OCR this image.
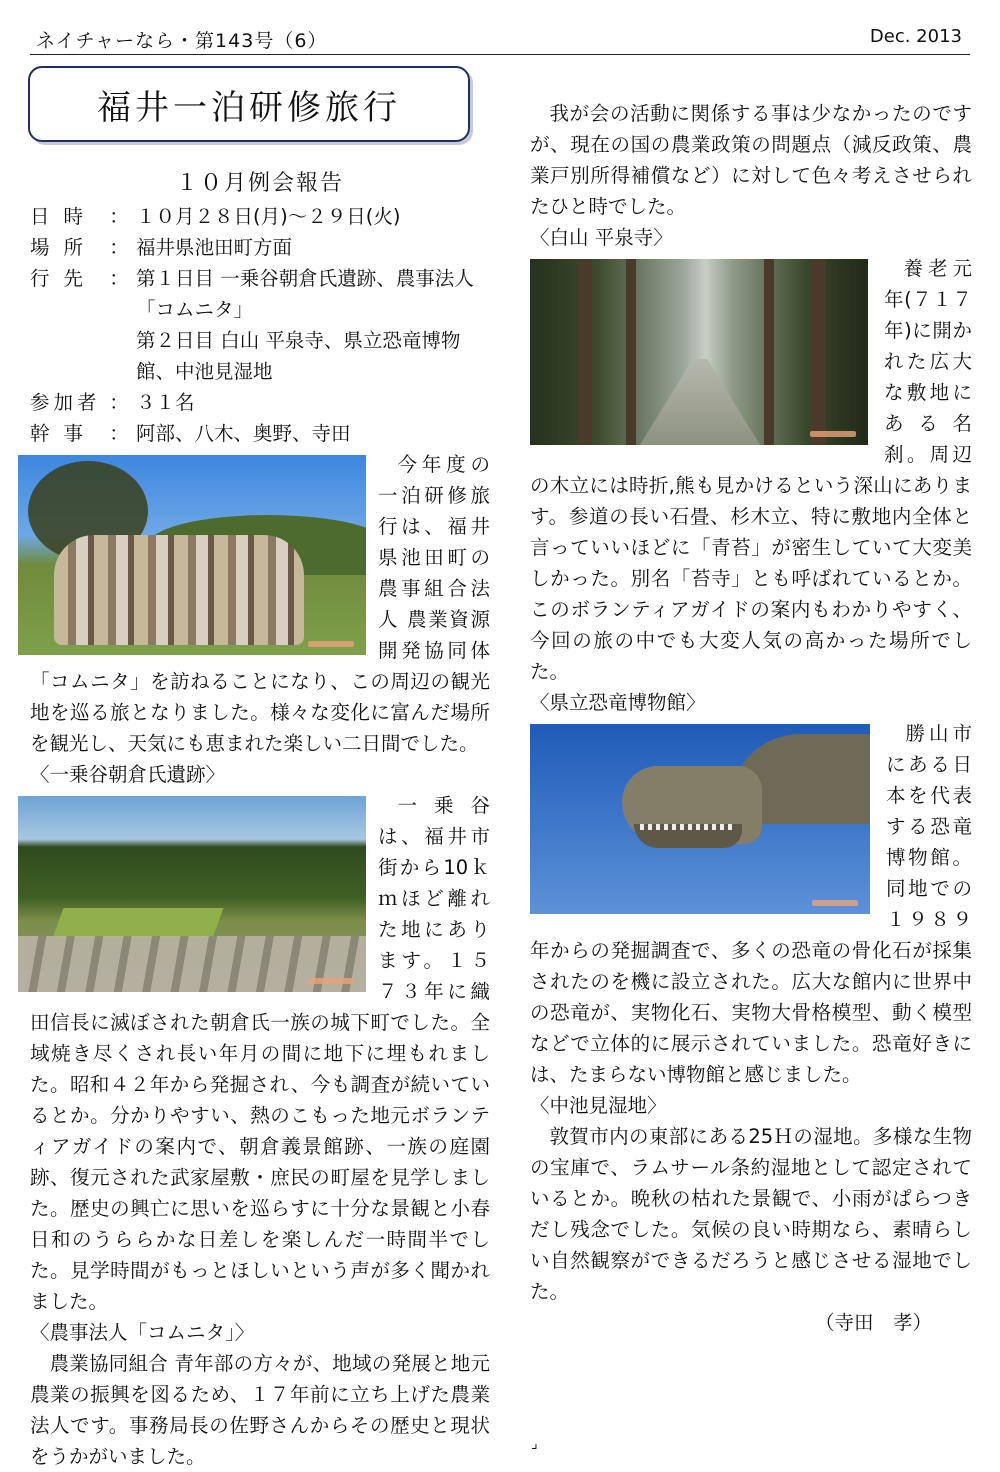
ネイチャーなら・第143号（6）	Dec. 2013
福井一泊研修旅行
１０月例会報告
日時 ： １０月２８日(月)～２９日(火)
場所 ： 福井県池田町方面
行先 ： 第１日目 一乗谷朝倉氏遺跡、農事法人「コムニタ」
第２日目 白山 平泉寺、県立恐竜博物館、中池見湿地
参加者 ： ３１名
幹事 ： 阿部、八木、奥野、寺田

今年度の一泊研修旅行は、福井県池田町の農事組合法人 農業資源開発協同体「コムニタ」を訪ねることになり、この周辺の観光地を巡る旅となりました。様々な変化に富んだ場所を観光し、天気にも恵まれた楽しい二日間でした。

〈一乗谷朝倉氏遺跡〉

一乗谷は、福井市街から10ｋｍほど離れた地にあります。１５７３年に織田信長に滅ぼされた朝倉氏一族の城下町でした。全域焼き尽くされ長い年月の間に地下に埋もれました。昭和４２年から発掘され、今も調査が続いているとか。分かりやすい、熱のこもった地元ボランティアガイドの案内で、朝倉義景館跡、一族の庭園跡、復元された武家屋敷・庶民の町屋を見学しました。歴史の興亡に思いを巡らすに十分な景観と小春日和のうららかな日差しを楽しんだ一時間半でした。見学時間がもっとほしいという声が多く聞かれました。

〈農事法人「コムニタ」〉

農業協同組合 青年部の方々が、地域の発展と地元農業の振興を図るため、１７年前に立ち上げた農業法人です。事務局長の佐野さんからその歴史と現状をうかがいました。

我が会の活動に関係する事は少なかったのですが、現在の国の農業政策の問題点（減反政策、農業戸別所得補償など）に対して色々考えさせられたひと時でした。

〈白山 平泉寺〉

養老元年(７１７年)に開かれた広大な敷地にある名刹。周辺の木立には時折,熊も見かけるという深山にあります。参道の長い石畳、杉木立、特に敷地内全体と言っていいほどに「青苔」が密生していて大変美しかった。別名「苔寺」とも呼ばれているとか。このボランティアガイドの案内もわかりやすく、今回の旅の中でも大変人気の高かった場所でした。

〈県立恐竜博物館〉

勝山市にある日本を代表する恐竜博物館。同地での１９８９年からの発掘調査で、多くの恐竜の骨化石が採集されたのを機に設立された。広大な館内に世界中の恐竜が、実物化石、実物大骨格模型、動く模型などで立体的に展示されていました。恐竜好きには、たまらない博物館と感じました。

〈中池見湿地〉

敦賀市内の東部にある25Ｈの湿地。多様な生物の宝庫で、ラムサール条約湿地として認定されているとか。晩秋の枯れた景観で、小雨がぱらつきだし残念でした。気候の良い時期なら、素晴らしい自然観察ができるだろうと感じさせる湿地でした。

（寺田　孝）
⌟
